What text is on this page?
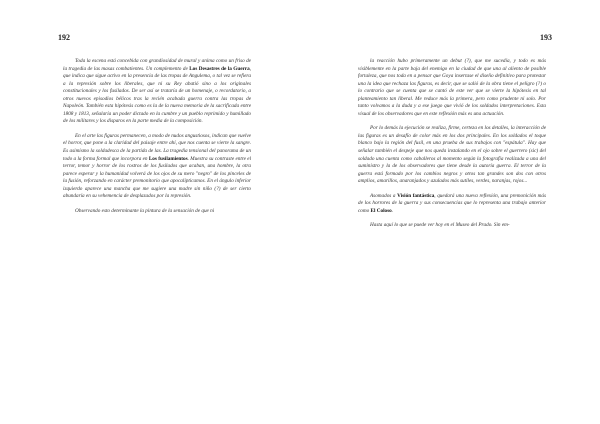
192

Toda la escena está concebida con grandiosidad de mural y anima como un friso de la tragedia de las masas combatientes. Un complemento de Los Desastres de la Guerra, que indica que sigue activo en la presencia de las tropas de Angulema, o tal vez se refiera a la represión sobre los liberales, que ni su Rey abatió sino a los originales constitucionales y los fusilados. De ser así se trataría de un homenaje, o recordatorio, a otros nuevos episodios bélicos tras la recién acabada guerra contra las tropas de Napoleón. También esta hipótesis como es la de la nueva memoria de la sacrificada entre 1808 y 1813, señalaría un poder dictado en la cumbre y un pueblo reprimido y humillado de los militares y los disparos en la parte media de la composición.

En el arte las figuras permanecen, a modo de nudos angustiosos, indican que vuelve el horror, que pone a la claridad del paisaje entre ahí, que nos cuenta se vierte la sangre. Es asimismo la soldadesca de la partida de las. La tragedia tensional del panorama de un todo a la forma formal que incorpora en Los fusilamientos. Muestra su contraste entre el terror, temor y horror de los rostros de los fusilados que acaban, una hombre, la otra parece esperar y la humanidad volverá de los ojos de su mero "negro" de los pinceles de la fusión, reforzando en carácter premonitorio que apocalípticamos. En el ángulo inferior izquierdo aparece una mancha que me sugiere una madre sin niño (?) de ser cierto abundaría en su vehemencia de desplazados por la represión.

Observando esto determinante la pintura de la sensación de que ni

193

la reacción hubo primeramente un debut (?), que me sucedía, y todo es más visiblemente en la parte baja del enemigo en la ciudad de que una al aliento de posible fortaleza, que nos toda en a pensar que Goya insertase el diseño definitivo para protestar una la idea que rechaza las figuras, es decir, que se salió de la obra tiene el peligro (?) o lo contrario que se cuenta que se cantó de este ver que se vierte la hipótesis en tal planteamiento tan liberal. Me reduce más la primera, pero como prudente ni solo. Por tanto volvamos a la duda y a ese juego que vivió de los soldados interpretaciones. Esta visual de los observadores que en este reflexión más es una actuación.

Por lo demás la ejecución se realiza, firme, certeza en los detalles, la interacción de las figuras es un desafío de color más en los dos principales. En los soldados el toque blanco bajo la región del fusil, en una prueba de sus trabajos con "espátula". Hay que señalar también el despeje que nos queda instalando en el ojo sobre el guerrero (sic) del soldado una cuenta como caballeros al momento según la fotografía realizada a una del suministro y la de los observadores que tiene desde la autoría guerra. El terror de la guerra está formado por los cambios negros y otros tan grandes son dos con otros amplios, amarillos, anaranjados y azulados más sutiles, verdes, naranjas, rojos...

Asomados a Visión fantástica, quedará una nueva reflexión, una premonición más de los horrores de la guerra y sus consecuencias que lo representa una trabajo anterior como El Coloso.

Hasta aquí lo que se puede ver hoy en el Museo del Prado. Sin em-
